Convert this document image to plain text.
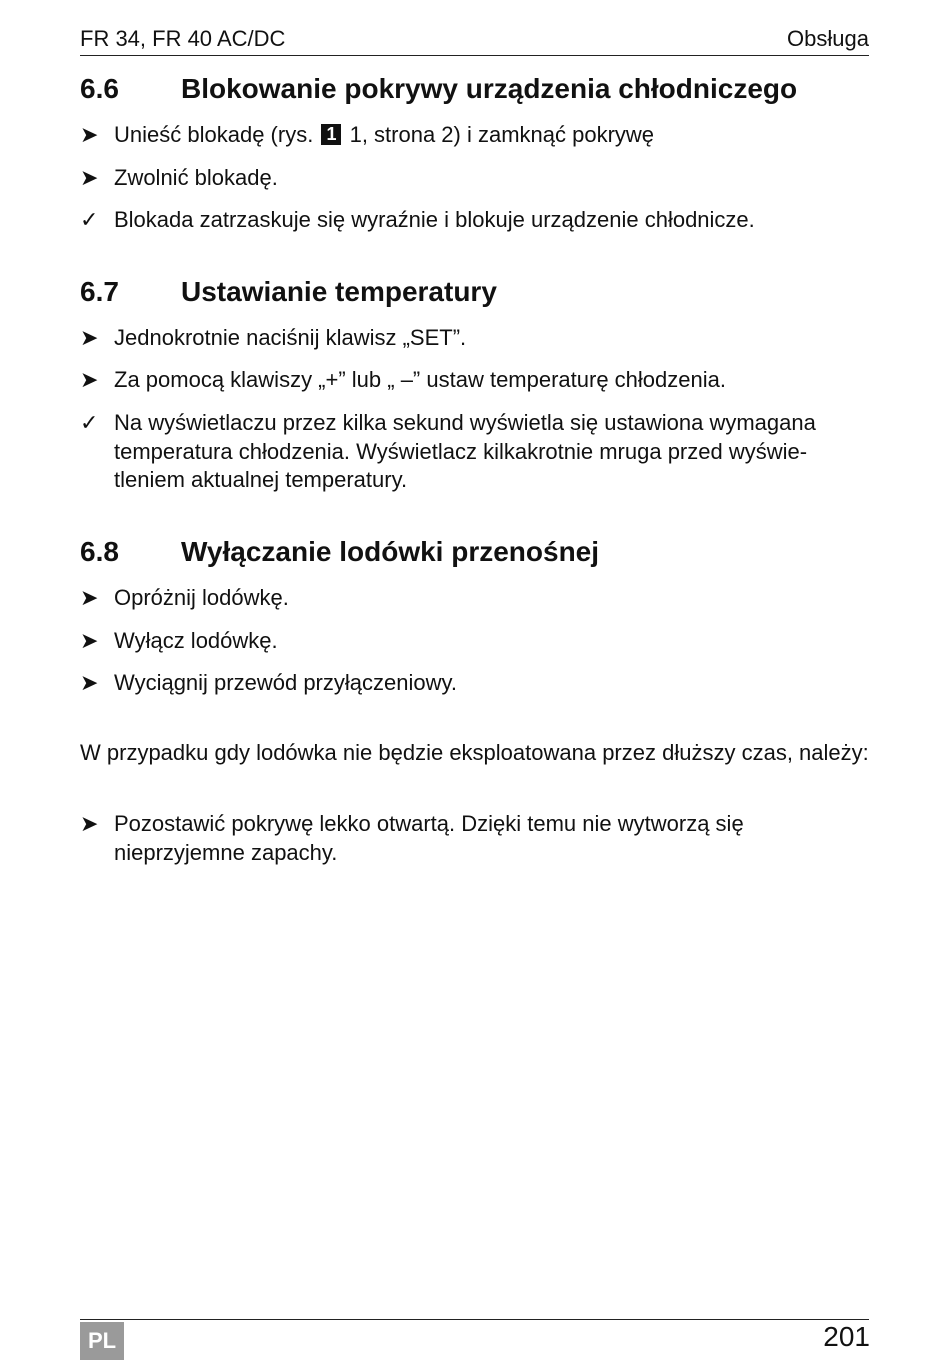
FR 34, FR 40 AC/DC	Obsługa
6.6 Blokowanie pokrywy urządzenia chłodniczego
➤ Unieść blokadę (rys. 1 1, strona 2) i zamknąć pokrywę
➤ Zwolnić blokadę.
✓ Blokada zatrzaskuje się wyraźnie i blokuje urządzenie chłodnicze.
6.7 Ustawianie temperatury
➤ Jednokrotnie naciśnij klawisz „SET”.
➤ Za pomocą klawiszy „+” lub „ –” ustaw temperaturę chłodzenia.
✓ Na wyświetlaczu przez kilka sekund wyświetla się ustawiona wymagana temperatura chłodzenia. Wyświetlacz kilkakrotnie mruga przed wyświe-tleniem aktualnej temperatury.
6.8 Wyłączanie lodówki przenośnej
➤ Opróżnij lodówkę.
➤ Wyłącz lodówkę.
➤ Wyciągnij przewód przyłączeniowy.
W przypadku gdy lodówka nie będzie eksploatowana przez dłuższy czas, należy:
➤ Pozostawić pokrywę lekko otwartą. Dzięki temu nie wytworzą się nieprzyjemne zapachy.
PL	201
